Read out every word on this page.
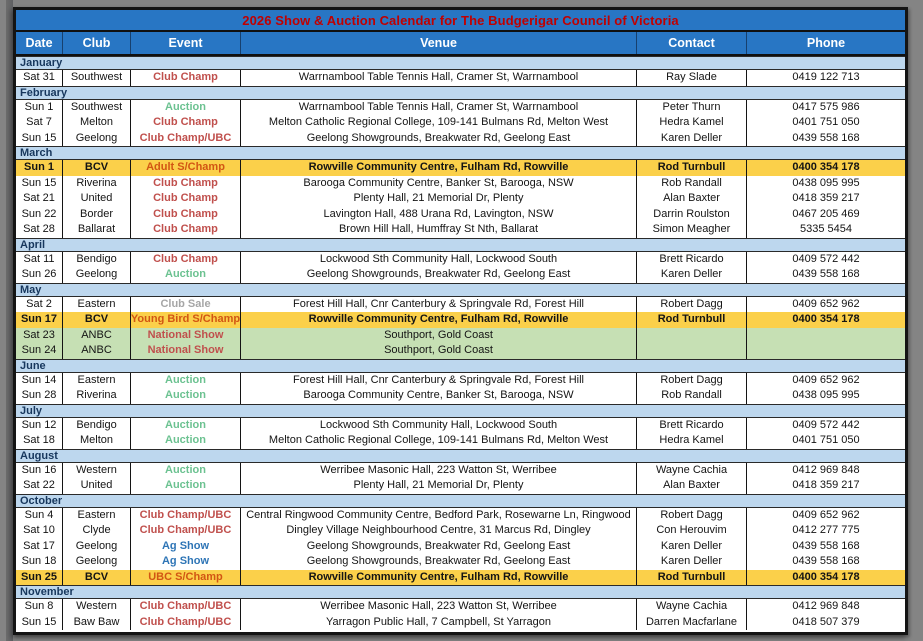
2026 Show & Auction Calendar for The Budgerigar Council of Victoria
Date	Club	Event	Venue	Contact	Phone
January
Sat 31	Southwest	Club Champ	Warrnambool Table Tennis Hall, Cramer St, Warrnambool	Ray Slade	0419 122 713
February
Sun 1	Southwest	Auction	Warrnambool Table Tennis Hall, Cramer St, Warrnambool	Peter Thurn	0417 575 986
Sat 7	Melton	Club Champ	Melton Catholic Regional College, 109-141 Bulmans Rd, Melton West	Hedra Kamel	0401 751 050
Sun 15	Geelong	Club Champ/UBC	Geelong Showgrounds, Breakwater Rd, Geelong East	Karen Deller	0439 558 168
March
Sun 1	BCV	Adult S/Champ	Rowville Community Centre, Fulham Rd, Rowville	Rod Turnbull	0400 354 178
Sun 15	Riverina	Club Champ	Barooga Community Centre, Banker St, Barooga, NSW	Rob Randall	0438 095 995
Sat 21	United	Club Champ	Plenty Hall, 21 Memorial Dr, Plenty	Alan Baxter	0418 359 217
Sun 22	Border	Club Champ	Lavington Hall, 488 Urana Rd, Lavington, NSW	Darrin Roulston	0467 205 469
Sat 28	Ballarat	Club Champ	Brown Hill Hall, Humffray St Nth, Ballarat	Simon Meagher	5335 5454
April
Sat 11	Bendigo	Club Champ	Lockwood Sth Community Hall, Lockwood South	Brett Ricardo	0409 572 442
Sun 26	Geelong	Auction	Geelong Showgrounds, Breakwater Rd, Geelong East	Karen Deller	0439 558 168
May
Sat 2	Eastern	Club Sale	Forest Hill Hall, Cnr Canterbury & Springvale Rd, Forest Hill	Robert Dagg	0409 652 962
Sun 17	BCV	Young Bird S/Champ	Rowville Community Centre, Fulham Rd, Rowville	Rod Turnbull	0400 354 178
Sat 23	ANBC	National Show	Southport, Gold Coast
Sun 24	ANBC	National Show	Southport, Gold Coast
June
Sun 14	Eastern	Auction	Forest Hill Hall, Cnr Canterbury & Springvale Rd, Forest Hill	Robert Dagg	0409 652 962
Sun 28	Riverina	Auction	Barooga Community Centre, Banker St, Barooga, NSW	Rob Randall	0438 095 995
July
Sun 12	Bendigo	Auction	Lockwood Sth Community Hall, Lockwood South	Brett Ricardo	0409 572 442
Sat 18	Melton	Auction	Melton Catholic Regional College, 109-141 Bulmans Rd, Melton West	Hedra Kamel	0401 751 050
August
Sun 16	Western	Auction	Werribee Masonic Hall, 223 Watton St, Werribee	Wayne Cachia	0412 969 848
Sat 22	United	Auction	Plenty Hall, 21 Memorial Dr, Plenty	Alan Baxter	0418 359 217
October
Sun 4	Eastern	Club Champ/UBC	Central Ringwood Community Centre, Bedford Park, Rosewarne Ln, Ringwood	Robert Dagg	0409 652 962
Sat 10	Clyde	Club Champ/UBC	Dingley Village Neighbourhood Centre, 31 Marcus Rd, Dingley	Con Herouvim	0412 277 775
Sat 17	Geelong	Ag Show	Geelong Showgrounds, Breakwater Rd, Geelong East	Karen Deller	0439 558 168
Sun 18	Geelong	Ag Show	Geelong Showgrounds, Breakwater Rd, Geelong East	Karen Deller	0439 558 168
Sun 25	BCV	UBC S/Champ	Rowville Community Centre, Fulham Rd, Rowville	Rod Turnbull	0400 354 178
November
Sun 8	Western	Club Champ/UBC	Werribee Masonic Hall, 223 Watton St, Werribee	Wayne Cachia	0412 969 848
Sun 15	Baw Baw	Club Champ/UBC	Yarragon Public Hall, 7 Campbell, St Yarragon	Darren Macfarlane	0418 507 379
